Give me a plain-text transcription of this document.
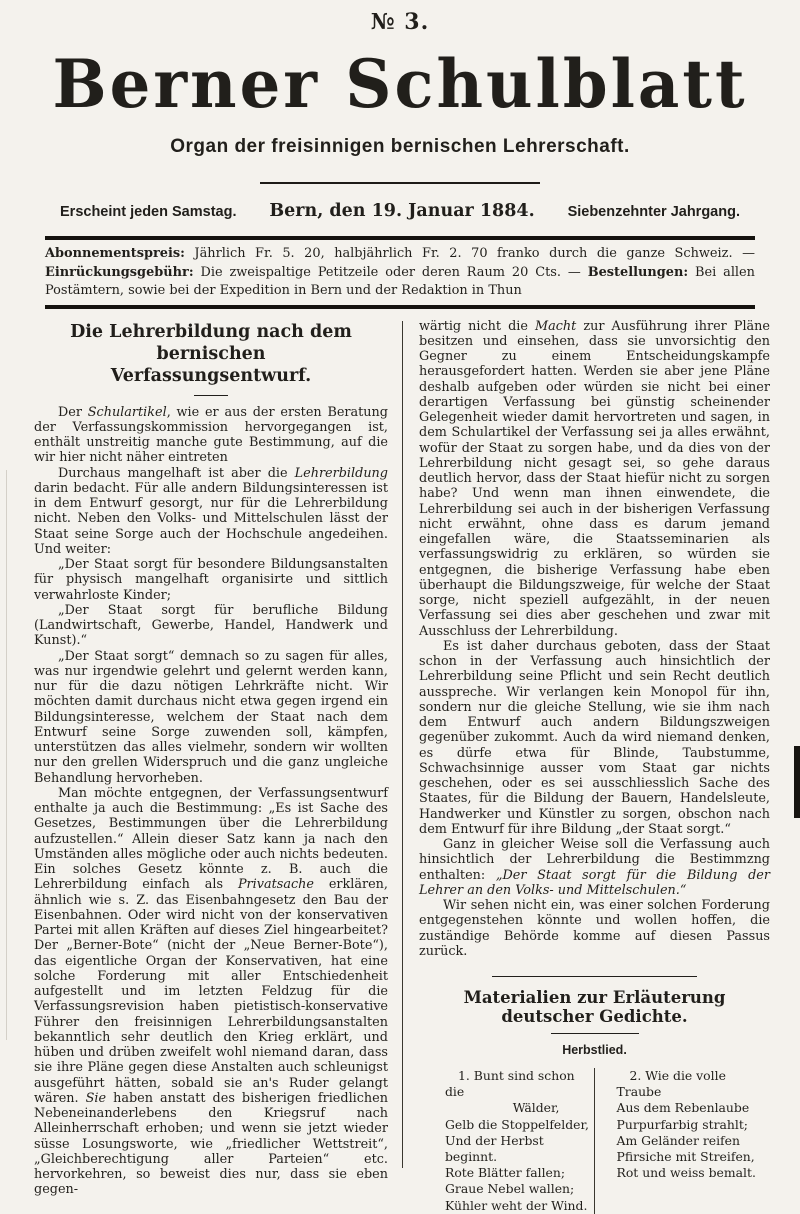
№ 3.
Berner Schulblatt
Organ der freisinnigen bernischen Lehrerschaft.
Erscheint jeden Samstag. Bern, den 19. Januar 1884. Siebenzehnter Jahrgang.

Abonnementspreis: Jährlich Fr. 5. 20, halbjährlich Fr. 2. 70 franko durch die ganze Schweiz. — Einrückungsgebühr: Die zweispaltige Petitzeile oder deren Raum 20 Cts. — Bestellungen: Bei allen Postämtern, sowie bei der Expedition in Bern und der Redaktion in Thun

Die Lehrerbildung nach dem bernischen
Verfassungsentwurf.

Der Schulartikel, wie er aus der ersten Beratung der Verfassungskommission hervorgegangen ist, enthält unstreitig manche gute Bestimmung, auf die wir hier nicht näher eintreten

Durchaus mangelhaft ist aber die Lehrerbildung darin bedacht. Für alle andern Bildungsinteressen ist in dem Entwurf gesorgt, nur für die Lehrerbildung nicht. Neben den Volks- und Mittelschulen lässt der Staat seine Sorge auch der Hochschule angedeihen. Und weiter:

„Der Staat sorgt für besondere Bildungsanstalten für physisch mangelhaft organisirte und sittlich verwahrloste Kinder;

„Der Staat sorgt für berufliche Bildung (Landwirtschaft, Gewerbe, Handel, Handwerk und Kunst).“

„Der Staat sorgt“ demnach so zu sagen für alles, was nur irgendwie gelehrt und gelernt werden kann, nur für die dazu nötigen Lehrkräfte nicht. Wir möchten damit durchaus nicht etwa gegen irgend ein Bildungsinteresse, welchem der Staat nach dem Entwurf seine Sorge zuwenden soll, kämpfen, unterstützen das alles vielmehr, sondern wir wollten nur den grellen Widerspruch und die ganz ungleiche Behandlung hervorheben.

Man möchte entgegnen, der Verfassungsentwurf enthalte ja auch die Bestimmung: „Es ist Sache des Gesetzes, Bestimmungen über die Lehrerbildung aufzustellen.“ Allein dieser Satz kann ja nach den Umständen alles mögliche oder auch nichts bedeuten. Ein solches Gesetz könnte z. B. auch die Lehrerbildung einfach als Privatsache erklären, ähnlich wie s. Z. das Eisenbahngesetz den Bau der Eisenbahnen. Oder wird nicht von der konservativen Partei mit allen Kräften auf dieses Ziel hingearbeitet? Der „Berner-Bote“ (nicht der „Neue Berner-Bote“), das eigentliche Organ der Konservativen, hat eine solche Forderung mit aller Entschiedenheit aufgestellt und im letzten Feldzug für die Verfassungsrevision haben pietistisch-konservative Führer den freisinnigen Lehrerbildungsanstalten bekanntlich sehr deutlich den Krieg erklärt, und hüben und drüben zweifelt wohl niemand daran, dass sie ihre Pläne gegen diese Anstalten auch schleunigst ausgeführt hätten, sobald sie an's Ruder gelangt wären. Sie haben anstatt des bisherigen friedlichen Nebeneinanderlebens den Kriegsruf nach Alleinherrschaft erhoben; und wenn sie jetzt wieder süsse Losungsworte, wie „friedlicher Wettstreit“, „Gleichberechtigung aller Parteien“ etc. hervorkehren, so beweist dies nur, dass sie eben gegen-

wärtig nicht die Macht zur Ausführung ihrer Pläne besitzen und einsehen, dass sie unvorsichtig den Gegner zu einem Entscheidungskampfe herausgefordert hatten. Werden sie aber jene Pläne deshalb aufgeben oder würden sie nicht bei einer derartigen Verfassung bei günstig scheinender Gelegenheit wieder damit hervortreten und sagen, in dem Schulartikel der Verfassung sei ja alles erwähnt, wofür der Staat zu sorgen habe, und da dies von der Lehrerbildung nicht gesagt sei, so gehe daraus deutlich hervor, dass der Staat hiefür nicht zu sorgen habe? Und wenn man ihnen einwendete, die Lehrerbildung sei auch in der bisherigen Verfassung nicht erwähnt, ohne dass es darum jemand eingefallen wäre, die Staatsseminarien als verfassungswidrig zu erklären, so würden sie entgegnen, die bisherige Verfassung habe eben überhaupt die Bildungszweige, für welche der Staat sorge, nicht speziell aufgezählt, in der neuen Verfassung sei dies aber geschehen und zwar mit Ausschluss der Lehrerbildung.

Es ist daher durchaus geboten, dass der Staat schon in der Verfassung auch hinsichtlich der Lehrerbildung seine Pflicht und sein Recht deutlich ausspreche. Wir verlangen kein Monopol für ihn, sondern nur die gleiche Stellung, wie sie ihm nach dem Entwurf auch andern Bildungszweigen gegenüber zukommt. Auch da wird niemand denken, es dürfe etwa für Blinde, Taubstumme, Schwachsinnige ausser vom Staat gar nichts geschehen, oder es sei ausschliesslich Sache des Staates, für die Bildung der Bauern, Handelsleute, Handwerker und Künstler zu sorgen, obschon nach dem Entwurf für ihre Bildung „der Staat sorgt.“

Ganz in gleicher Weise soll die Verfassung auch hinsichtlich der Lehrerbildung die Bestimmzng enthalten: „Der Staat sorgt für die Bildung der Lehrer an den Volks- und Mittelschulen.“

Wir sehen nicht ein, was einer solchen Forderung entgegenstehen könnte und wollen hoffen, die zuständige Behörde komme auf diesen Passus zurück.

Materialien zur Erläuterung deutscher Gedichte.
Herbstlied.
1. Bunt sind schon die
Wälder,
Gelb die Stoppelfelder,
Und der Herbst beginnt.
Rote Blätter fallen;
Graue Nebel wallen;
Kühler weht der Wind.
2. Wie die volle Traube
Aus dem Rebenlaube
Purpurfarbig strahlt;
Am Geländer reifen
Pfirsiche mit Streifen,
Rot und weiss bemalt.
